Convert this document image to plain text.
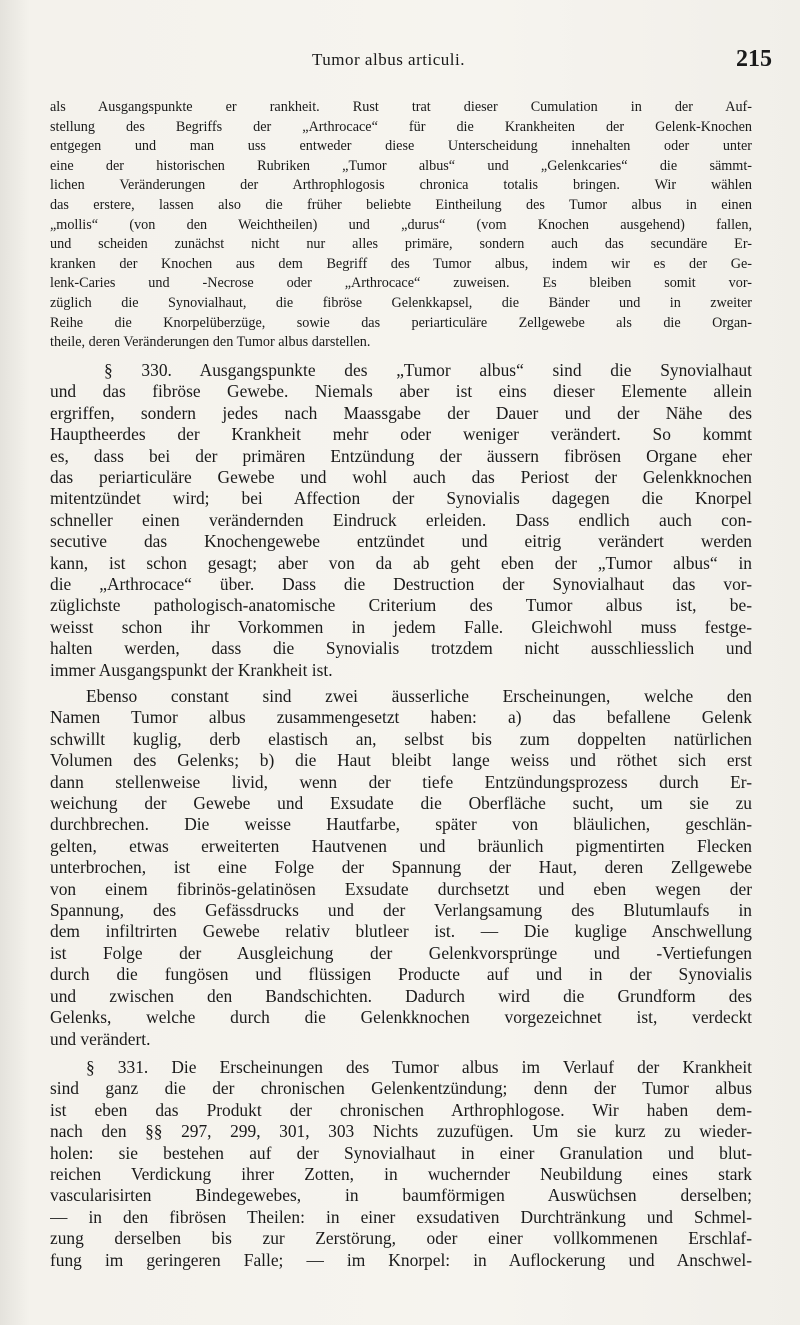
Tumor albus articuli.	215
als Ausgangspunkte er rankheit. Rust trat dieser Cumulation in der Auf-
stellung des Begriffs der „Arthrocace“ für die Krankheiten der Gelenk-Knochen
entgegen und man uss entweder diese Unterscheidung innehalten oder unter
eine der historischen Rubriken „Tumor albus“ und „Gelenkcaries“ die sämmt-
lichen Veränderungen der Arthrophlogosis chronica totalis bringen. Wir wählen
das erstere, lassen also die früher beliebte Eintheilung des Tumor albus in einen
„mollis“ (von den Weichtheilen) und „durus“ (vom Knochen ausgehend) fallen,
und scheiden zunächst nicht nur alles primäre, sondern auch das secundäre Er-
kranken der Knochen aus dem Begriff des Tumor albus, indem wir es der Ge-
lenk-Caries und -Necrose oder „Arthrocace“ zuweisen. Es bleiben somit vor-
züglich die Synovialhaut, die fibröse Gelenkkapsel, die Bänder und in zweiter
Reihe die Knorpelüberzüge, sowie das periarticuläre Zellgewebe als die Organ-
theile, deren Veränderungen den Tumor albus darstellen.
§ 330. Ausgangspunkte des „Tumor albus“ sind die Synovialhaut
und das fibröse Gewebe. Niemals aber ist eins dieser Elemente allein
ergriffen, sondern jedes nach Maassgabe der Dauer und der Nähe des
Hauptheerdes der Krankheit mehr oder weniger verändert. So kommt
es, dass bei der primären Entzündung der äussern fibrösen Organe eher
das periarticuläre Gewebe und wohl auch das Periost der Gelenkknochen
mitentzündet wird; bei Affection der Synovialis dagegen die Knorpel
schneller einen verändernden Eindruck erleiden. Dass endlich auch con-
secutive das Knochengewebe entzündet und eitrig verändert werden
kann, ist schon gesagt; aber von da ab geht eben der „Tumor albus“ in
die „Arthrocace“ über. Dass die Destruction der Synovialhaut das vor-
züglichste pathologisch-anatomische Criterium des Tumor albus ist, be-
weisst schon ihr Vorkommen in jedem Falle. Gleichwohl muss festge-
halten werden, dass die Synovialis trotzdem nicht ausschliesslich und
immer Ausgangspunkt der Krankheit ist.
Ebenso constant sind zwei äusserliche Erscheinungen, welche den
Namen Tumor albus zusammengesetzt haben: a) das befallene Gelenk
schwillt kuglig, derb elastisch an, selbst bis zum doppelten natürlichen
Volumen des Gelenks; b) die Haut bleibt lange weiss und röthet sich erst
dann stellenweise livid, wenn der tiefe Entzündungsprozess durch Er-
weichung der Gewebe und Exsudate die Oberfläche sucht, um sie zu
durchbrechen. Die weisse Hautfarbe, später von bläulichen, geschlän-
gelten, etwas erweiterten Hautvenen und bräunlich pigmentirten Flecken
unterbrochen, ist eine Folge der Spannung der Haut, deren Zellgewebe
von einem fibrinös-gelatinösen Exsudate durchsetzt und eben wegen der
Spannung, des Gefässdrucks und der Verlangsamung des Blutumlaufs in
dem infiltrirten Gewebe relativ blutleer ist. — Die kuglige Anschwellung
ist Folge der Ausgleichung der Gelenkvorsprünge und -Vertiefungen
durch die fungösen und flüssigen Producte auf und in der Synovialis
und zwischen den Bandschichten. Dadurch wird die Grundform des
Gelenks, welche durch die Gelenkknochen vorgezeichnet ist, verdeckt
und verändert.
§ 331. Die Erscheinungen des Tumor albus im Verlauf der Krankheit
sind ganz die der chronischen Gelenkentzündung; denn der Tumor albus
ist eben das Produkt der chronischen Arthrophlogose. Wir haben dem-
nach den §§ 297, 299, 301, 303 Nichts zuzufügen. Um sie kurz zu wieder-
holen: sie bestehen auf der Synovialhaut in einer Granulation und blut-
reichen Verdickung ihrer Zotten, in wuchernder Neubildung eines stark
vascularisirten Bindegewebes, in baumförmigen Auswüchsen derselben;
— in den fibrösen Theilen: in einer exsudativen Durchtränkung und Schmel-
zung derselben bis zur Zerstörung, oder einer vollkommenen Erschlaf-
fung im geringeren Falle; — im Knorpel: in Auflockerung und Anschwel-
